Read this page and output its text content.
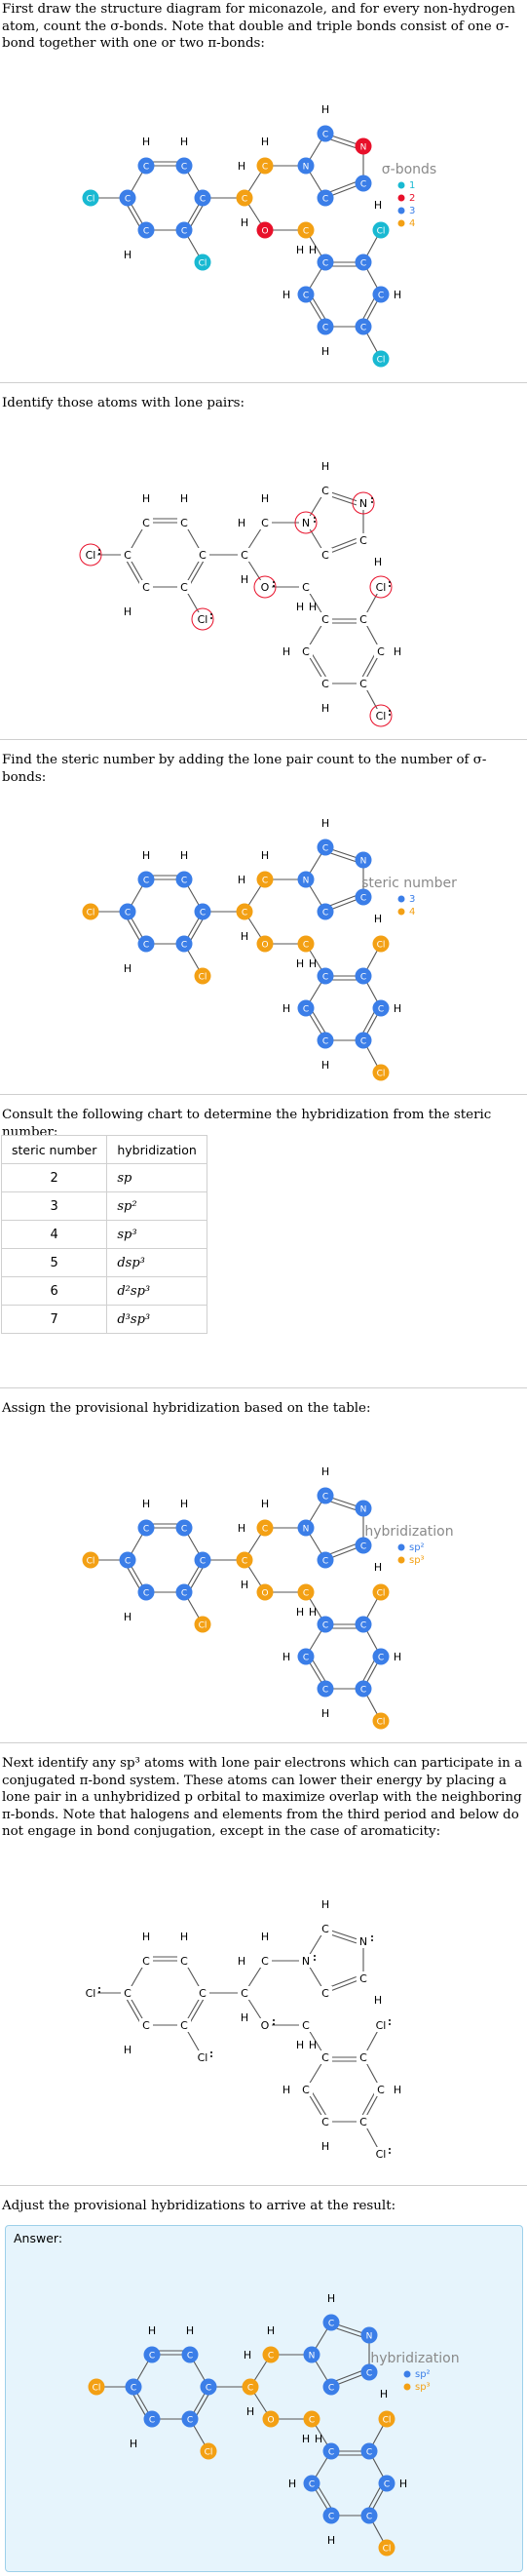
First draw the structure diagram for miconazole, and for every non-hydrogen atom, count the σ-bonds. Note that double and triple bonds consist of one σ-bond together with one or two π-bonds:

H	H
H
H
H
H
H
H
H H
H	H
H
Cl	C
C	C
C
C
C
Cl
C
C	N
C
N
C
C
O	C
C	C
Cl
C
C
C
C
Cl
σ-bonds
1
2
3
4

Identify those atoms with lone pairs:

H	H
H
H
H
H
H
H
H H
H	H
H
Cl	C
C	C
C
C
C
Cl
C
C	N
C
N
C
C
O	C
C	C
Cl
C
C
C
C
Cl

Find the steric number by adding the lone pair count to the number of σ-bonds:

H	H
H
H
H
H
H
H
H H
H	H
H
Cl	C
C	C
C
C
C
Cl
C
C	N
C
N
C
C
O	C
C	C
Cl
C
C
C
C
Cl
steric number
3
4

Consult the following chart to determine the hybridization from the steric number:

steric number	hybridization
2	sp
3	sp²
4	sp³
5	dsp³
6	d²sp³
7	d³sp³

Assign the provisional hybridization based on the table:

H	H
H
H
H
H
H
H
H H
H	H
H
Cl	C
C	C
C
C
C
Cl
C
C	N
C
N
C
C
O	C
C	C
Cl
C
C
C
C
Cl
hybridization
sp²
sp³

Next identify any sp³ atoms with lone pair electrons which can participate in a conjugated π-bond system. These atoms can lower their energy by placing a lone pair in a unhybridized p orbital to maximize overlap with the neighboring π-bonds. Note that halogens and elements from the third period and below do not engage in bond conjugation, except in the case of aromaticity:

H	H
H
H
H
H
H
H
H H
H	H
H
Cl	C
C	C
C
C
C
Cl
C
C	N
C
N
C
C
O	C
C	C
Cl
C
C
C
C
Cl

Adjust the provisional hybridizations to arrive at the result:

Answer:
H	H
H
H
H
H
H
H
H H
H	H
H
Cl	C
C	C
C
C
C
Cl
C
C	N
C
N
C
C
O	C
C	C
Cl
C
C
C
C
Cl
hybridization
sp²
sp³
